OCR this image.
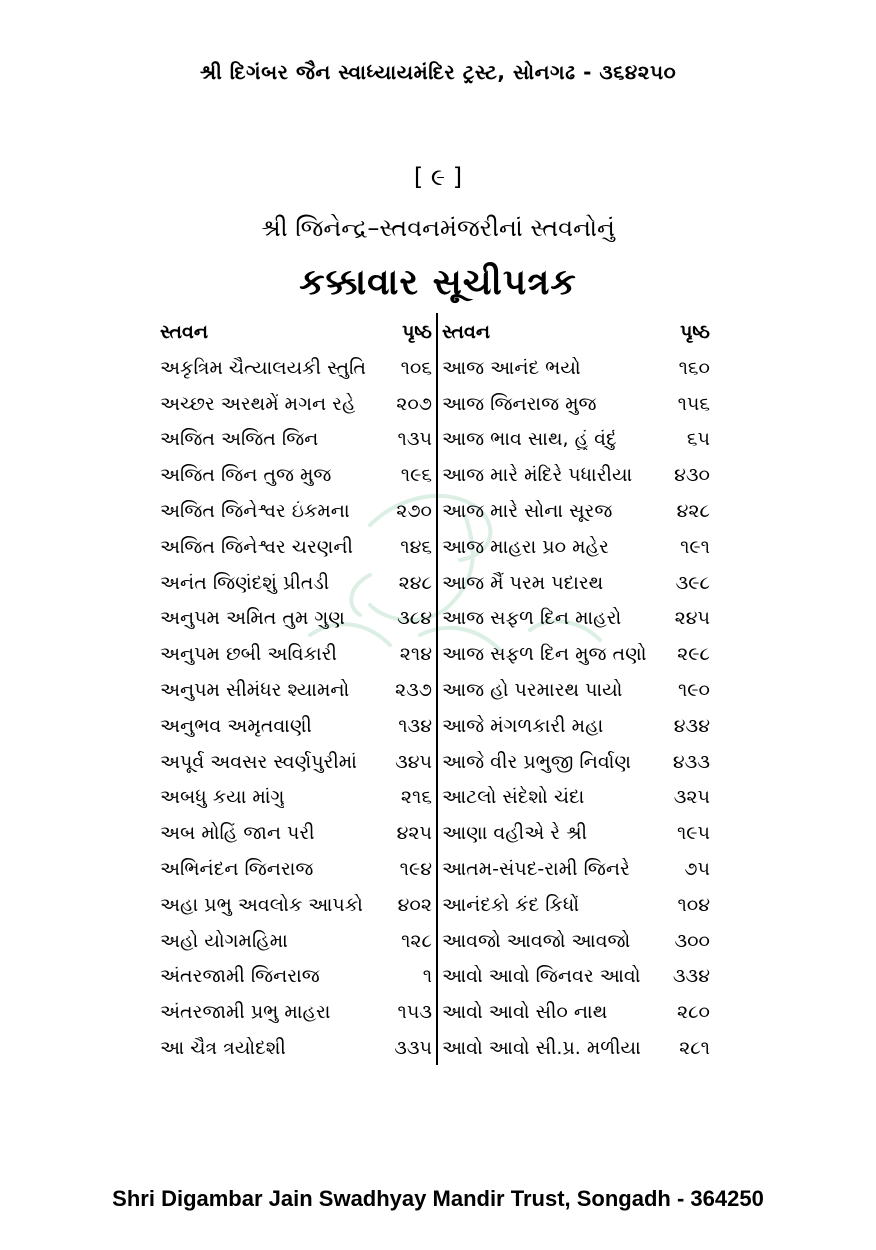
શ્રી દિગંબર જૈન સ્વાધ્યાયમંદિર ટ્રસ્ટ, સોનગઢ - ૩૬૪૨૫૦
[ ૯ ]
શ્રી જિનેન્દ્ર–સ્તવનમંજરીનાં સ્તવનોનું
કક્કાવાર સૂચીપત્રક
સ્તવન	પૃષ્ઠ
અકૃત્રિમ ચૈત્યાલયકી સ્તુતિ	૧૦૬
અચ્છર અરથમેં મગન રહે	૨૦૭
અજિત અજિત જિન	૧૩૫
અજિત જિન તુજ મુજ	૧૯૬
અજિત જિનેશ્વર ઇંકમના	૨૭૦
અજિત જિનેશ્વર ચરણની	૧૪૬
અનંત જિણંદશું પ્રીતડી	૨૪૮
અનુપમ અમિત તુમ ગુણ	૩૮૪
અનુપમ છબી અવિકારી	૨૧૪
અનુપમ સીમંધર શ્યામનો	૨૩૭
અનુભવ અમૃતવાણી	૧૩૪
અપૂર્વ અવસર સ્વર્ણપુરીમાં	૩૪૫
અબધુ કયા માંગુ	૨૧૬
અબ મોહિં જાન પરી	૪૨૫
અભિનંદન જિનરાજ	૧૯૪
અહા પ્રભુ અવલોક આપકો	૪૦૨
અહો યોગમહિમા	૧૨૮
અંતરજામી જિનરાજ	૧
અંતરજામી પ્રભુ માહરા	૧૫૩
આ ચૈત્ર ત્રયોદશી	૩૩૫
સ્તવન	પૃષ્ઠ
આજ આનંદ ભયો	૧૬૦
આજ જિનરાજ મુજ	૧૫૬
આજ ભાવ સાથ, હું વંદું	૬૫
આજ મારે મંદિરે પધારીયા	૪૩૦
આજ મારે સોના સૂરજ	૪૨૮
આજ માહરા પ્ર૦ મહેર	૧૯૧
આજ મૈં પરમ પદારથ	૩૯૮
આજ સફળ દિન માહરો	૨૪૫
આજ સફળ દિન મુજ તણો	૨૯૮
આજ હો પરમારથ પાયો	૧૯૦
આજે મંગળકારી મહા	૪૩૪
આજે વીર પ્રભુજી નિર્વાણ	૪૩૩
આટલો સંદેશો ચંદા	૩૨૫
આણા વહીએ રે શ્રી	૧૯૫
આતમ-સંપદ-રામી જિનરે	૭૫
આનંદકો કંદ કિધોં	૧૦૪
આવજો આવજો આવજો	૩૦૦
આવો આવો જિનવર આવો	૩૩૪
આવો આવો સી૦ નાથ	૨૮૦
આવો આવો સી.પ્ર. મળીયા	૨૮૧
Shri Digambar Jain Swadhyay Mandir Trust, Songadh - 364250
